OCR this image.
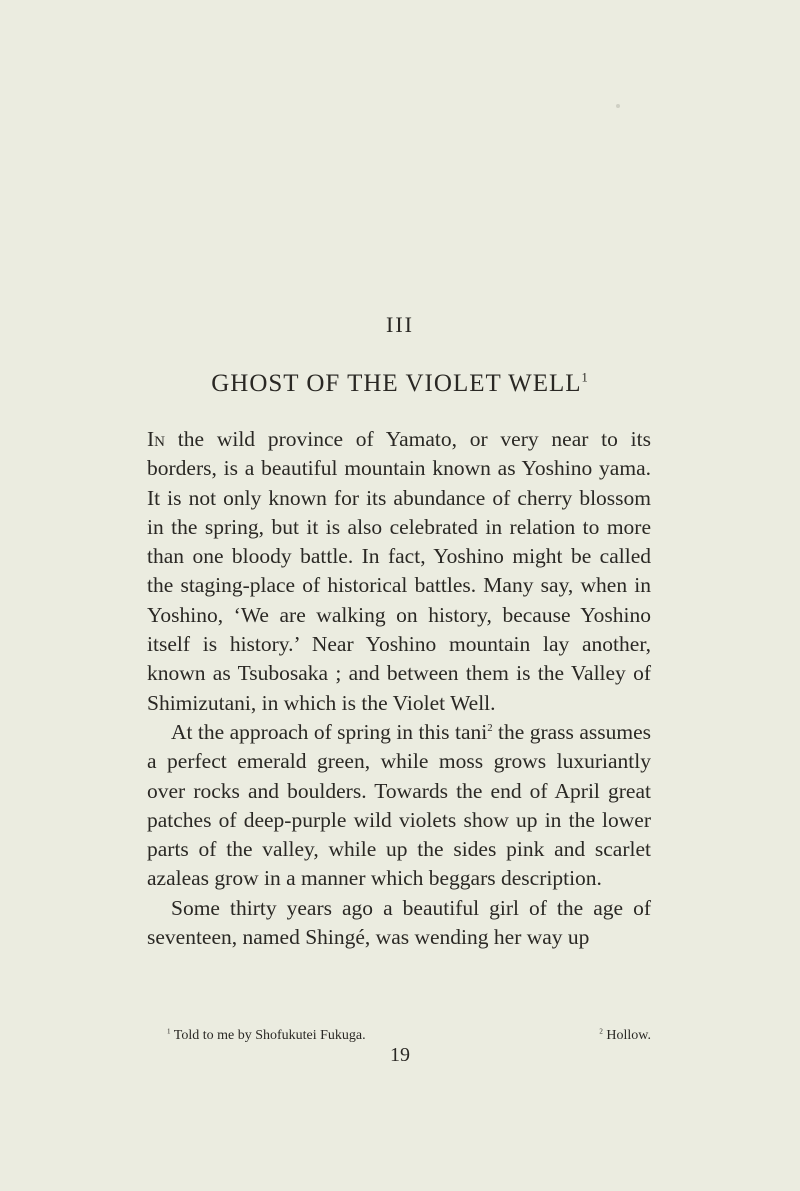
III
GHOST OF THE VIOLET WELL$^1$

In the wild province of Yamato, or very near to its borders, is a beautiful mountain known as Yoshino yama. It is not only known for its abundance of cherry blossom in the spring, but it is also celebrated in relation to more than one bloody battle. In fact, Yoshino might be called the staging-place of historical battles. Many say, when in Yoshino, ‘We are walking on history, because Yoshino itself is history.’ Near Yoshino mountain lay another, known as Tsubosaka ; and between them is the Valley of Shimizutani, in which is the Violet Well.

At the approach of spring in this tani$^2$ the grass assumes a perfect emerald green, while moss grows luxuriantly over rocks and boulders. Towards the end of April great patches of deep-purple wild violets show up in the lower parts of the valley, while up the sides pink and scarlet azaleas grow in a manner which beggars description.

Some thirty years ago a beautiful girl of the age of seventeen, named Shingé, was wending her way up

$^1$ Told to me by Shofukutei Fukuga.	$^2$ Hollow.
19
